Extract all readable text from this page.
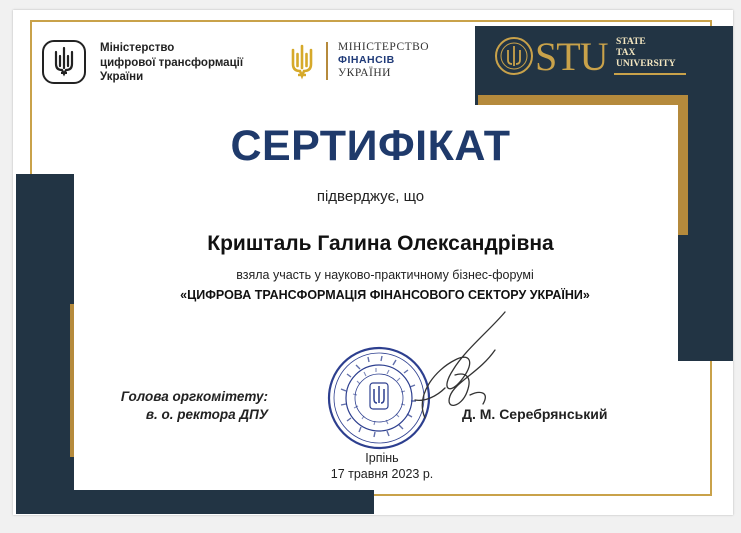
Міністерство
цифрової трансформації
України
МІНІСТЕРСТВО
ФІНАНСІВ
УКРАЇНИ	STU STATE
TAX
UNIVERSITY
СЕРТИФІКАТ
підверджує, що
Кришталь Галина Олександрівна
взяла участь у науково-практичному бізнес-форумі
«ЦИФРОВА ТРАНСФОРМАЦІЯ ФІНАНСОВОГО СЕКТОРУ УКРАЇНИ»
Голова оргкомітету:
в. о. ректора ДПУ	Д. М. Серебрянський
Ірпінь
17 травня 2023 р.
